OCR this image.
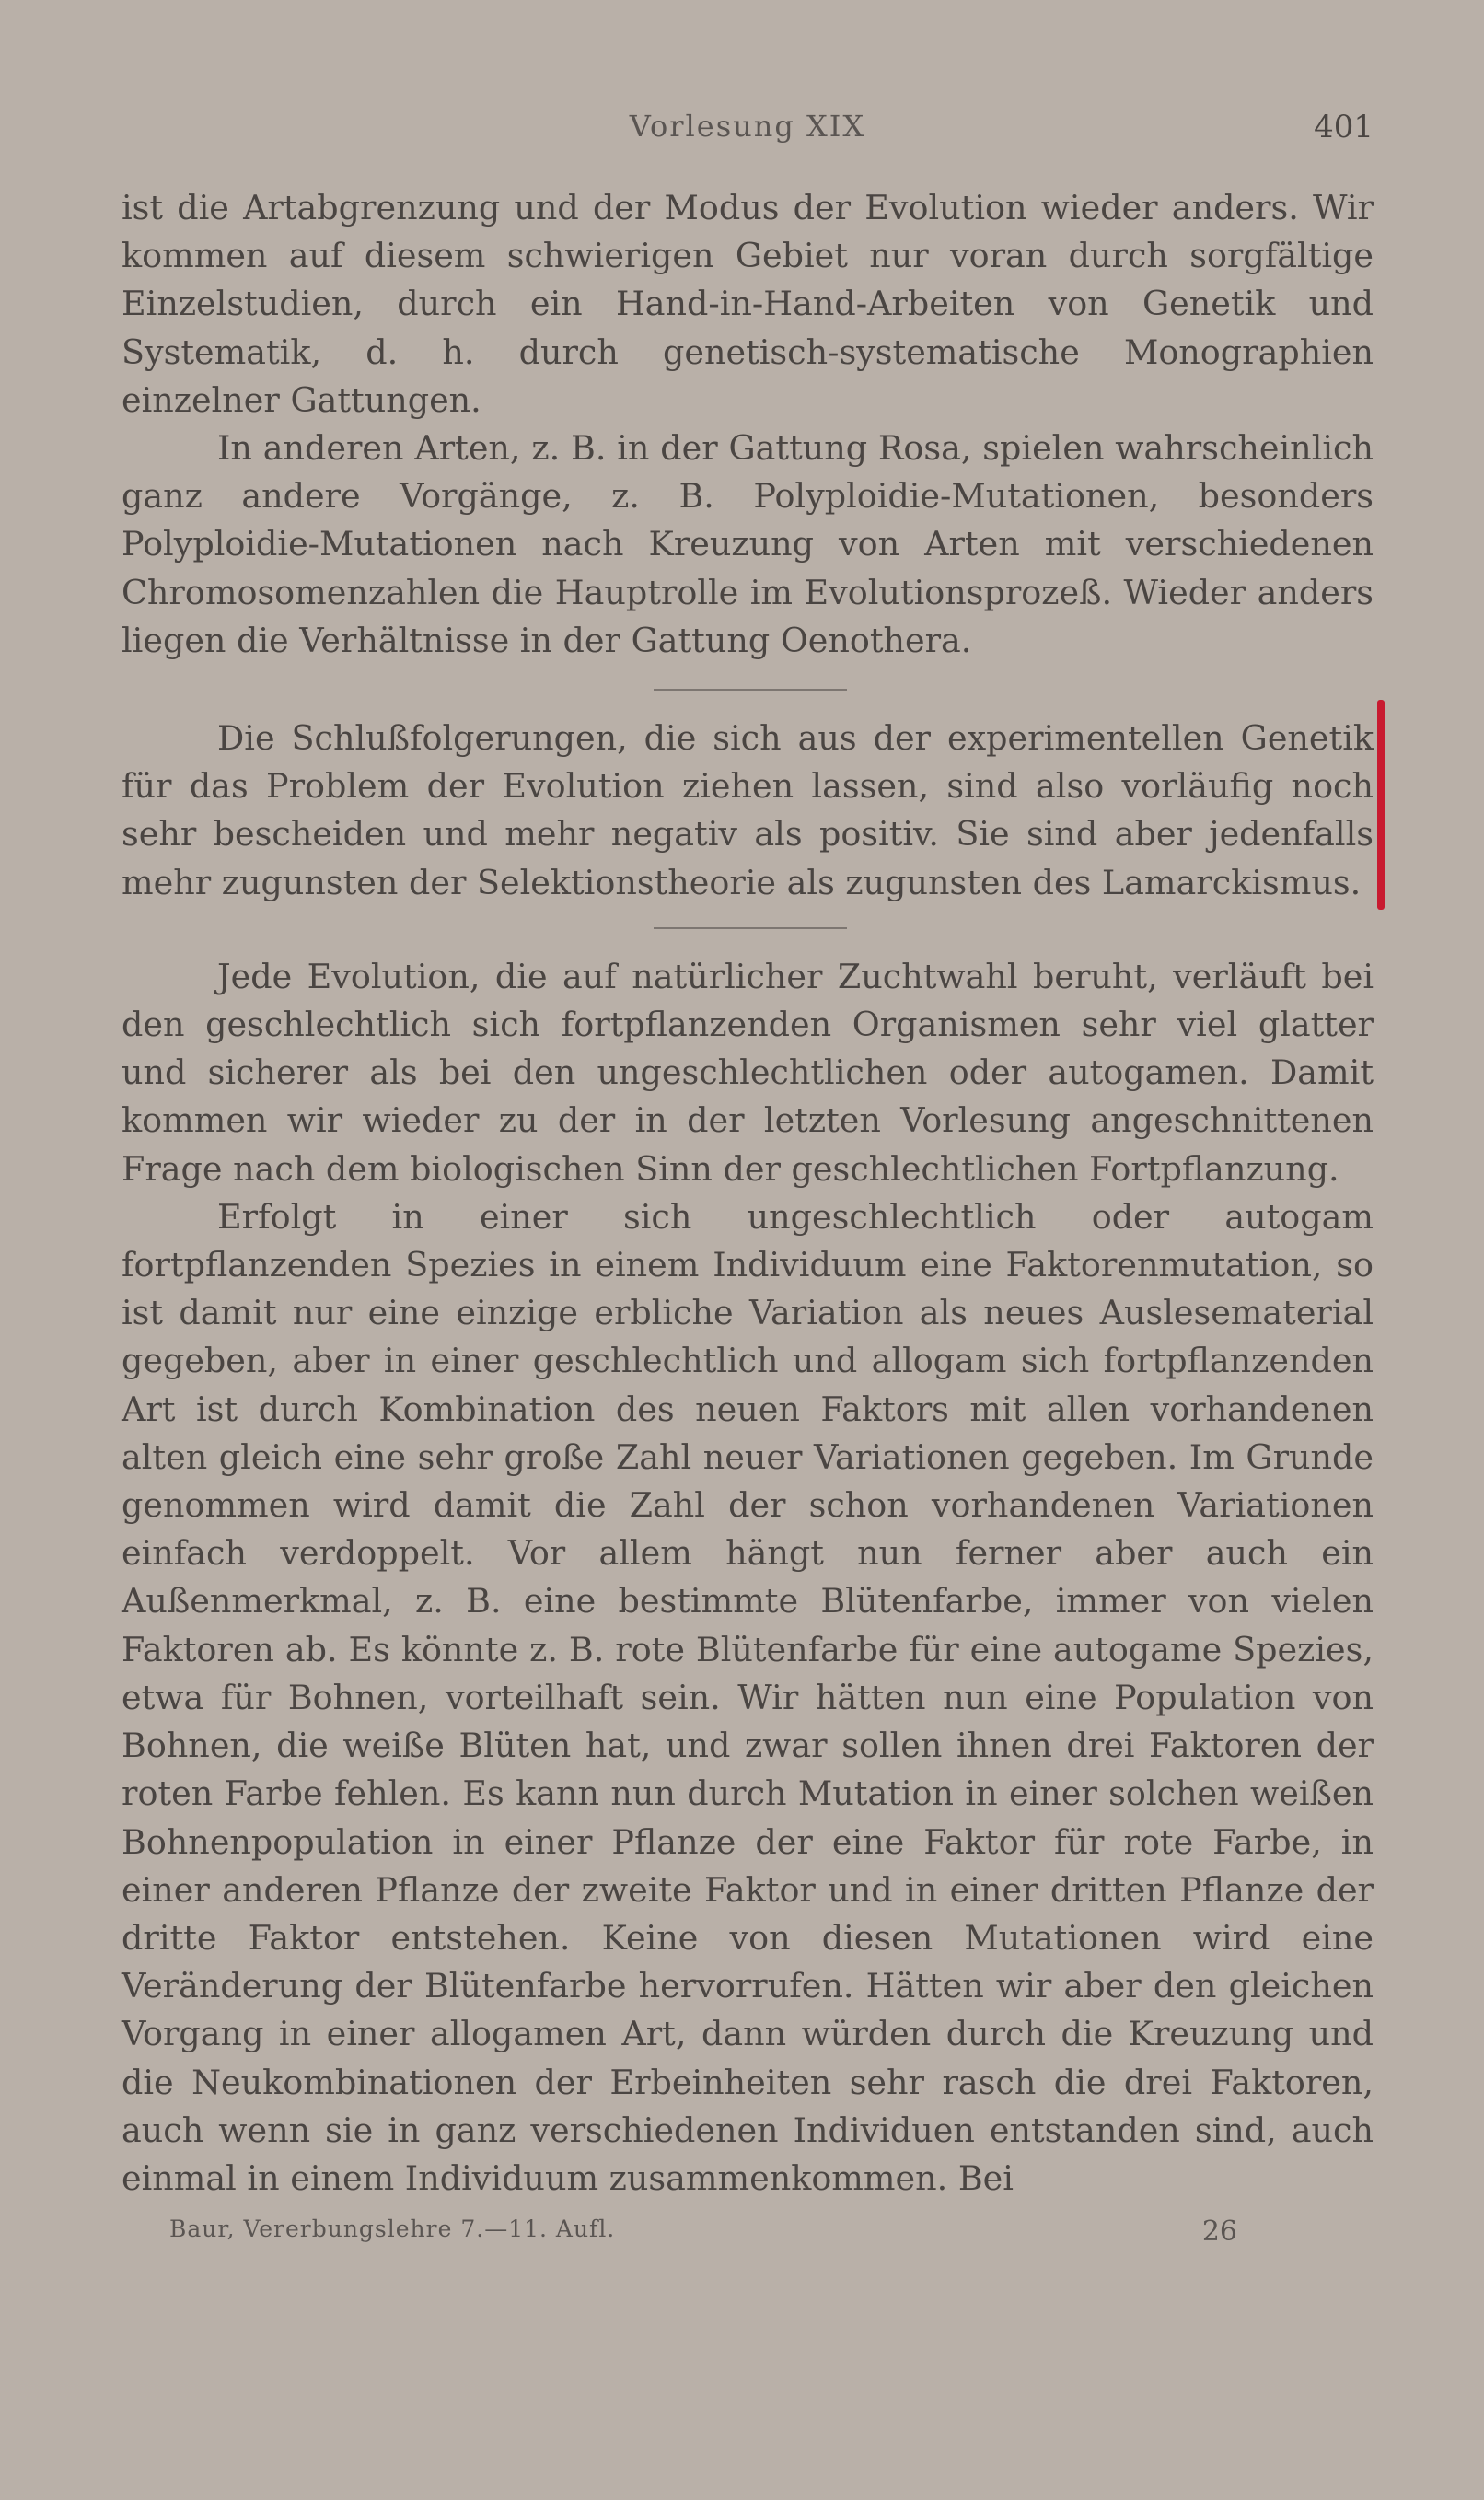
Vorlesung XIX	401

ist die Artabgrenzung und der Modus der Evolution wieder anders. Wir kommen auf diesem schwierigen Gebiet nur voran durch sorgfältige Einzelstudien, durch ein Hand-in-Hand-Arbeiten von Genetik und Systematik, d. h. durch genetisch-systematische Monographien einzelner Gattungen.

In anderen Arten, z. B. in der Gattung Rosa, spielen wahrscheinlich ganz andere Vorgänge, z. B. Polyploidie-Mutationen, besonders Polyploidie-Mutationen nach Kreuzung von Arten mit verschiedenen Chromosomenzahlen die Hauptrolle im Evolutionsprozeß. Wieder anders liegen die Verhältnisse in der Gattung Oenothera.

Die Schlußfolgerungen, die sich aus der experimentellen Genetik für das Problem der Evolution ziehen lassen, sind also vorläufig noch sehr bescheiden und mehr negativ als positiv. Sie sind aber jedenfalls mehr zugunsten der Selektionstheorie als zugunsten des Lamarckismus.

Jede Evolution, die auf natürlicher Zuchtwahl beruht, verläuft bei den geschlechtlich sich fortpflanzenden Organismen sehr viel glatter und sicherer als bei den ungeschlechtlichen oder autogamen. Damit kommen wir wieder zu der in der letzten Vorlesung angeschnittenen Frage nach dem biologischen Sinn der geschlechtlichen Fortpflanzung.

Erfolgt in einer sich ungeschlechtlich oder autogam fortpflanzenden Spezies in einem Individuum eine Faktorenmutation, so ist damit nur eine einzige erbliche Variation als neues Auslesematerial gegeben, aber in einer geschlechtlich und allogam sich fortpflanzenden Art ist durch Kombination des neuen Faktors mit allen vorhandenen alten gleich eine sehr große Zahl neuer Variationen gegeben. Im Grunde genommen wird damit die Zahl der schon vorhandenen Variationen einfach verdoppelt. Vor allem hängt nun ferner aber auch ein Außenmerkmal, z. B. eine bestimmte Blütenfarbe, immer von vielen Faktoren ab. Es könnte z. B. rote Blütenfarbe für eine autogame Spezies, etwa für Bohnen, vorteilhaft sein. Wir hätten nun eine Population von Bohnen, die weiße Blüten hat, und zwar sollen ihnen drei Faktoren der roten Farbe fehlen. Es kann nun durch Mutation in einer solchen weißen Bohnenpopulation in einer Pflanze der eine Faktor für rote Farbe, in einer anderen Pflanze der zweite Faktor und in einer dritten Pflanze der dritte Faktor entstehen. Keine von diesen Mutationen wird eine Veränderung der Blütenfarbe hervorrufen. Hätten wir aber den gleichen Vorgang in einer allogamen Art, dann würden durch die Kreuzung und die Neukombinationen der Erbeinheiten sehr rasch die drei Faktoren, auch wenn sie in ganz verschiedenen Individuen entstanden sind, auch einmal in einem Individuum zusammenkommen. Bei

Baur, Vererbungslehre 7.—11. Aufl.	26
